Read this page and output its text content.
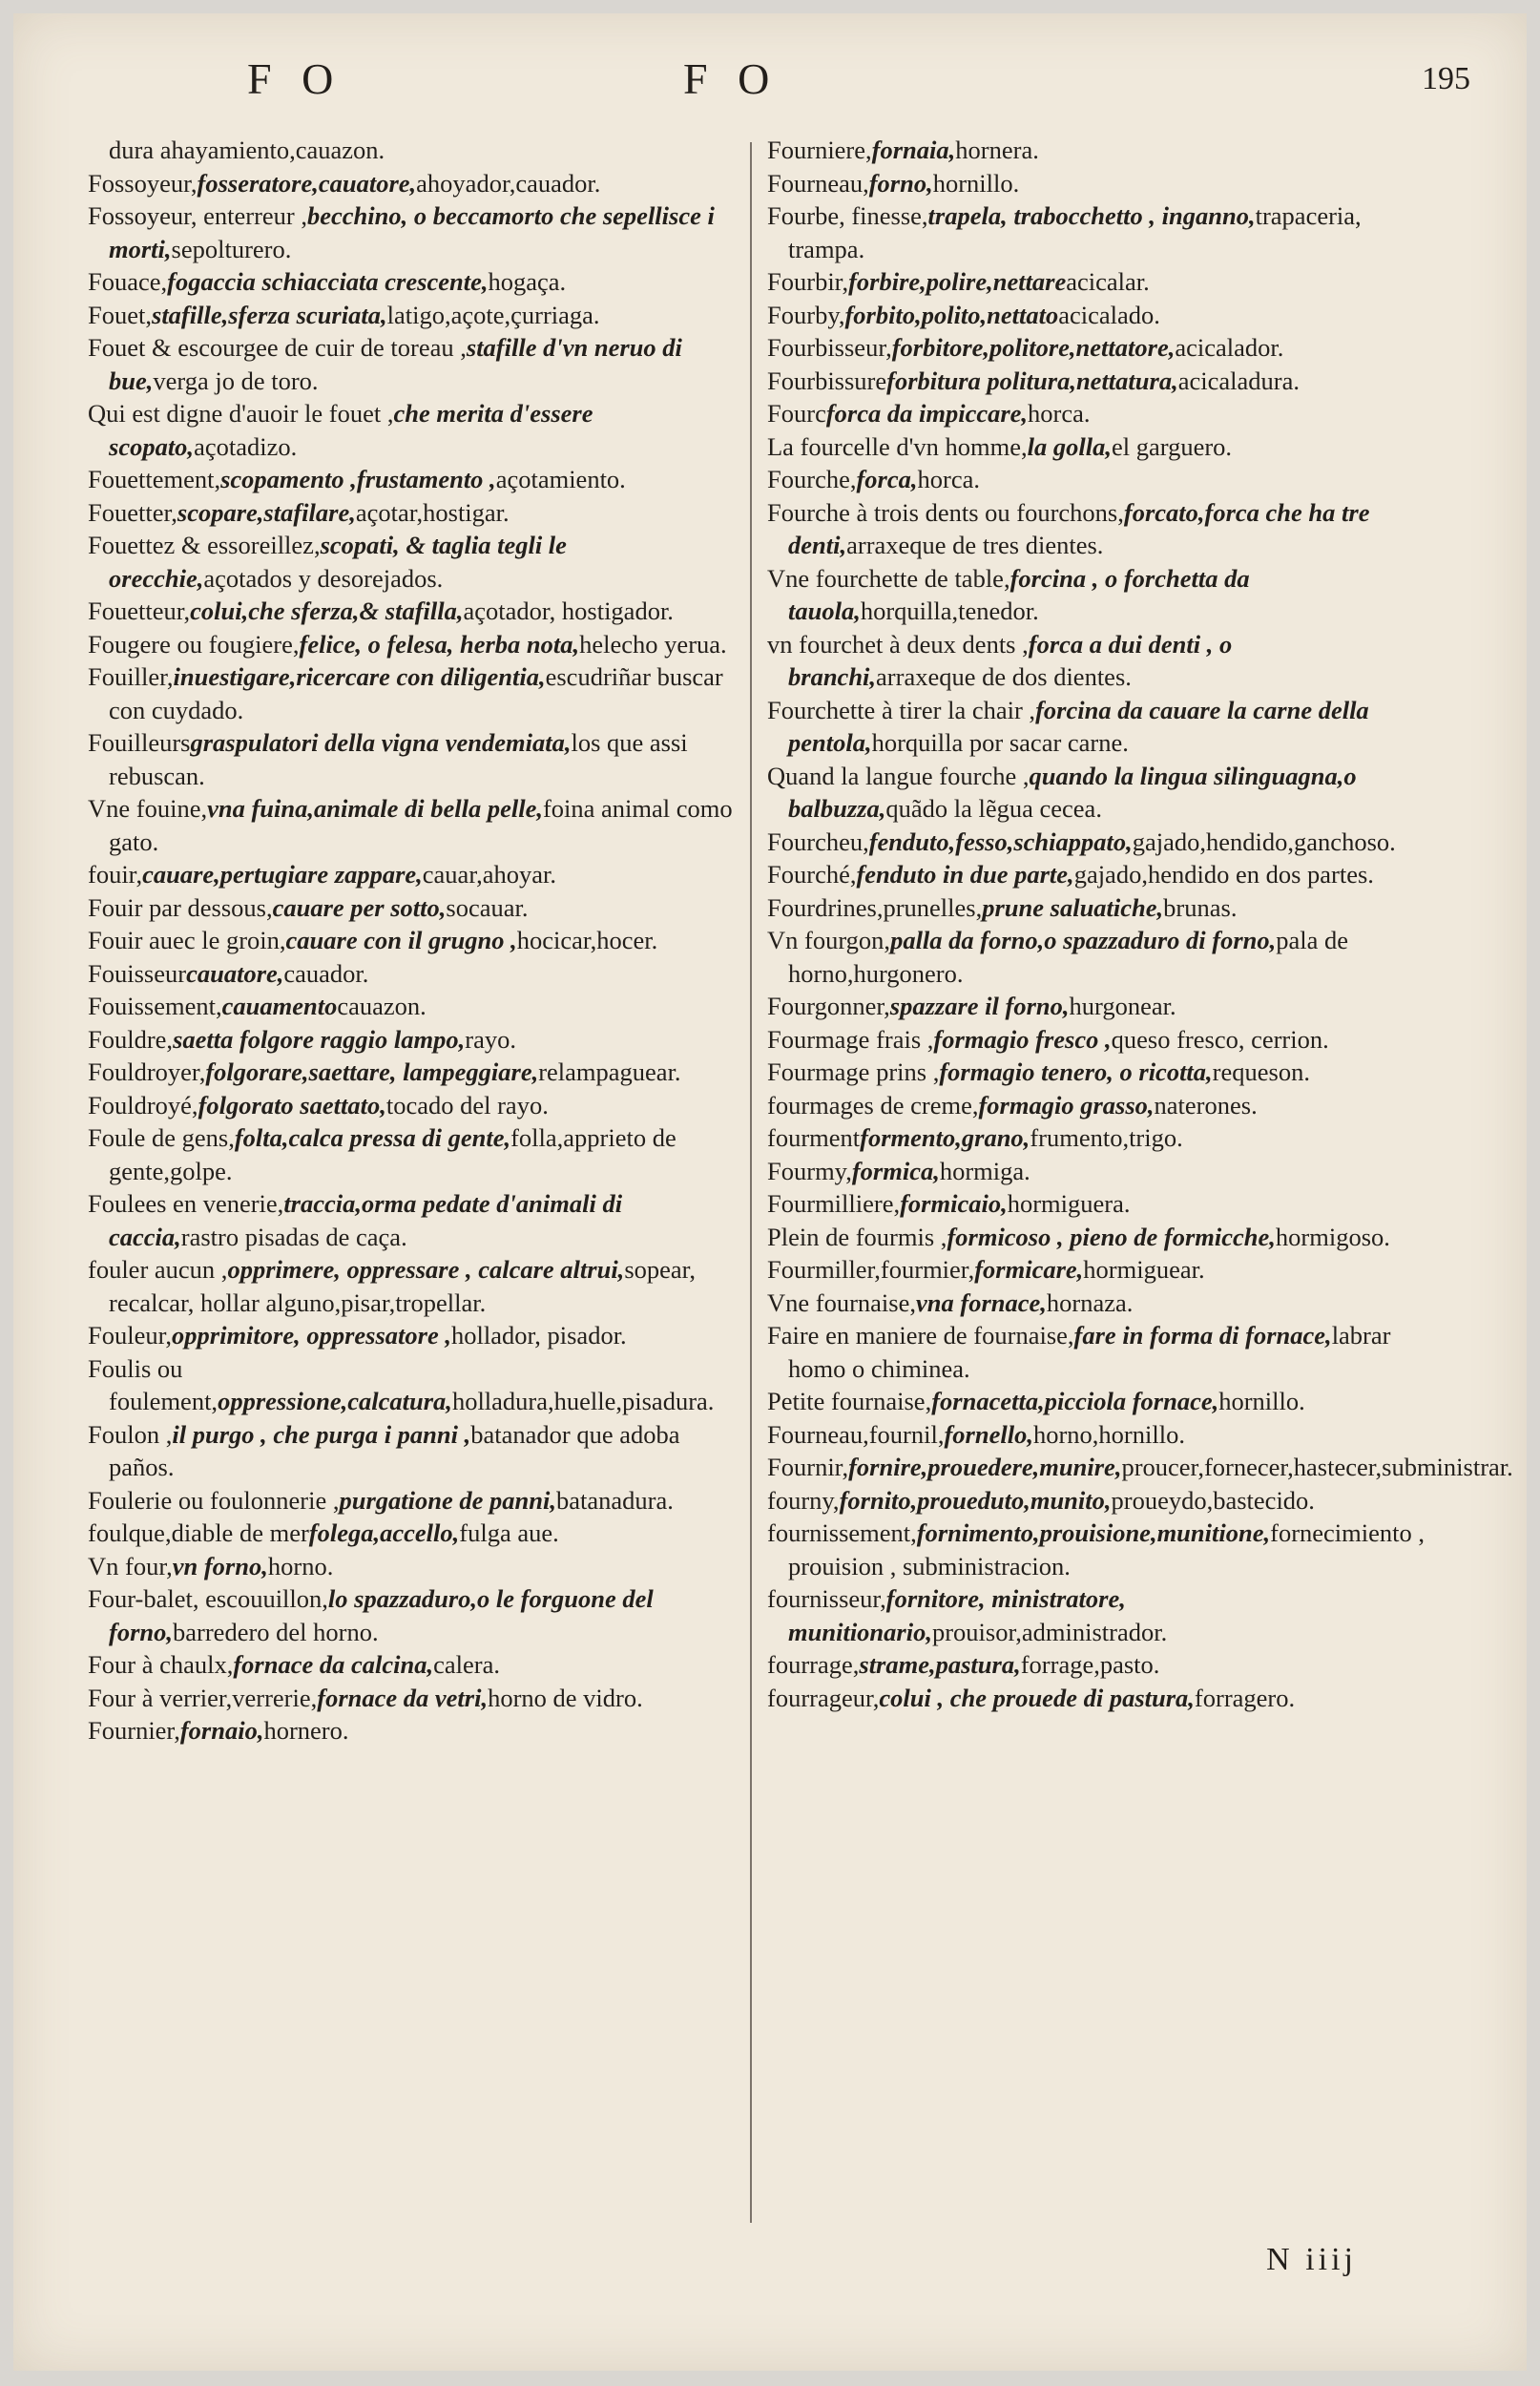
F O	F O	195

dura ahayamiento,cauazon.

Fossoyeur,fosseratore,cauatore,ahoyador,cauador.

Fossoyeur, enterreur ,becchino, o beccamorto che sepellisce i morti,sepolturero.

Fouace,fogaccia schiacciata crescente,hogaça.

Fouet,stafille,sferza scuriata,latigo,açote,çurriaga.

Fouet & escourgee de cuir de toreau ,stafille d'vn neruo di bue,verga jo de toro.

Qui est digne d'auoir le fouet ,che merita d'essere scopato,açotadizo.

Fouettement,scopamento ,frustamento ,açotamiento.

Fouetter,scopare,stafilare,açotar,hostigar.

Fouettez & essoreillez,scopati, & taglia tegli le orecchie,açotados y desorejados.

Fouetteur,colui,che sferza,& stafilla,açotador, hostigador.

Fougere ou fougiere,felice, o felesa, herba nota,helecho yerua.

Fouiller,inuestigare,ricercare con diligentia,escudriñar buscar con cuydado.

Fouilleursgraspulatori della vigna vendemiata,los que assi rebuscan.

Vne fouine,vna fuina,animale di bella pelle,foina animal como gato.

fouir,cauare,pertugiare zappare,cauar,ahoyar.

Fouir par dessous,cauare per sotto,socauar.

Fouir auec le groin,cauare con il grugno ,hocicar,hocer.

Fouisseurcauatore,cauador.

Fouissement,cauamentocauazon.

Fouldre,saetta folgore raggio lampo,rayo.

Fouldroyer,folgorare,saettare, lampeggiare,relampaguear.

Fouldroyé,folgorato saettato,tocado del rayo.

Foule de gens,folta,calca pressa di gente,folla,apprieto de gente,golpe.

Foulees en venerie,traccia,orma pedate d'animali di caccia,rastro pisadas de caça.

fouler aucun ,opprimere, oppressare , calcare altrui,sopear, recalcar, hollar alguno,pisar,tropellar.

Fouleur,opprimitore, oppressatore ,hollador, pisador.

Foulis ou foulement,oppressione,calcatura,holladura,huelle,pisadura.

Foulon ,il purgo , che purga i panni ,batanador que adoba paños.

Foulerie ou foulonnerie ,purgatione de panni,batanadura.

foulque,diable de merfolega,accello,fulga aue.

Vn four,vn forno,horno.

Four-balet, escouuillon,lo spazzaduro,o le forguone del forno,barredero del horno.

Four à chaulx,fornace da calcina,calera.

Four à verrier,verrerie,fornace da vetri,horno de vidro.

Fournier,fornaio,hornero.

Fourniere,fornaia,hornera.

Fourneau,forno,hornillo.

Fourbe, finesse,trapela, trabocchetto , inganno,trapaceria, trampa.

Fourbir,forbire,polire,nettareacicalar.

Fourby,forbito,polito,nettatoacicalado.

Fourbisseur,forbitore,politore,nettatore,acicalador.

Fourbissureforbitura politura,nettatura,acicaladura.

Fourcforca da impiccare,horca.

La fourcelle d'vn homme,la golla,el garguero.

Fourche,forca,horca.

Fourche à trois dents ou fourchons,forcato,forca che ha tre denti,arraxeque de tres dientes.

Vne fourchette de table,forcina , o forchetta da tauola,horquilla,tenedor.

vn fourchet à deux dents ,forca a dui denti , o branchi,arraxeque de dos dientes.

Fourchette à tirer la chair ,forcina da cauare la carne della pentola,horquilla por sacar carne.

Quand la langue fourche ,quando la lingua silinguagna,o balbuzza,quãdo la lẽgua cecea.

Fourcheu,fenduto,fesso,schiappato,gajado,hendido,ganchoso.

Fourché,fenduto in due parte,gajado,hendido en dos partes.

Fourdrines,prunelles,prune saluatiche,brunas.

Vn fourgon,palla da forno,o spazzaduro di forno,pala de horno,hurgonero.

Fourgonner,spazzare il forno,hurgonear.

Fourmage frais ,formagio fresco ,queso fresco, cerrion.

Fourmage prins ,formagio tenero, o ricotta,requeson.

fourmages de creme,formagio grasso,naterones.

fourmentformento,grano,frumento,trigo.

Fourmy,formica,hormiga.

Fourmilliere,formicaio,hormiguera.

Plein de fourmis ,formicoso , pieno de formicche,hormigoso.

Fourmiller,fourmier,formicare,hormiguear.

Vne fournaise,vna fornace,hornaza.

Faire en maniere de fournaise,fare in forma di fornace,labrar homo o chiminea.

Petite fournaise,fornacetta,picciola fornace,hornillo.

Fourneau,fournil,fornello,horno,hornillo.

Fournir,fornire,prouedere,munire,proucer,fornecer,hastecer,subministrar.

fourny,fornito,proueduto,munito,proueydo,bastecido.

fournissement,fornimento,prouisione,munitione,fornecimiento , prouision , subministracion.

fournisseur,fornitore, ministratore, munitionario,prouisor,administrador.

fourrage,strame,pastura,forrage,pasto.

fourrageur,colui , che prouede di pastura,forragero.

N iiij
